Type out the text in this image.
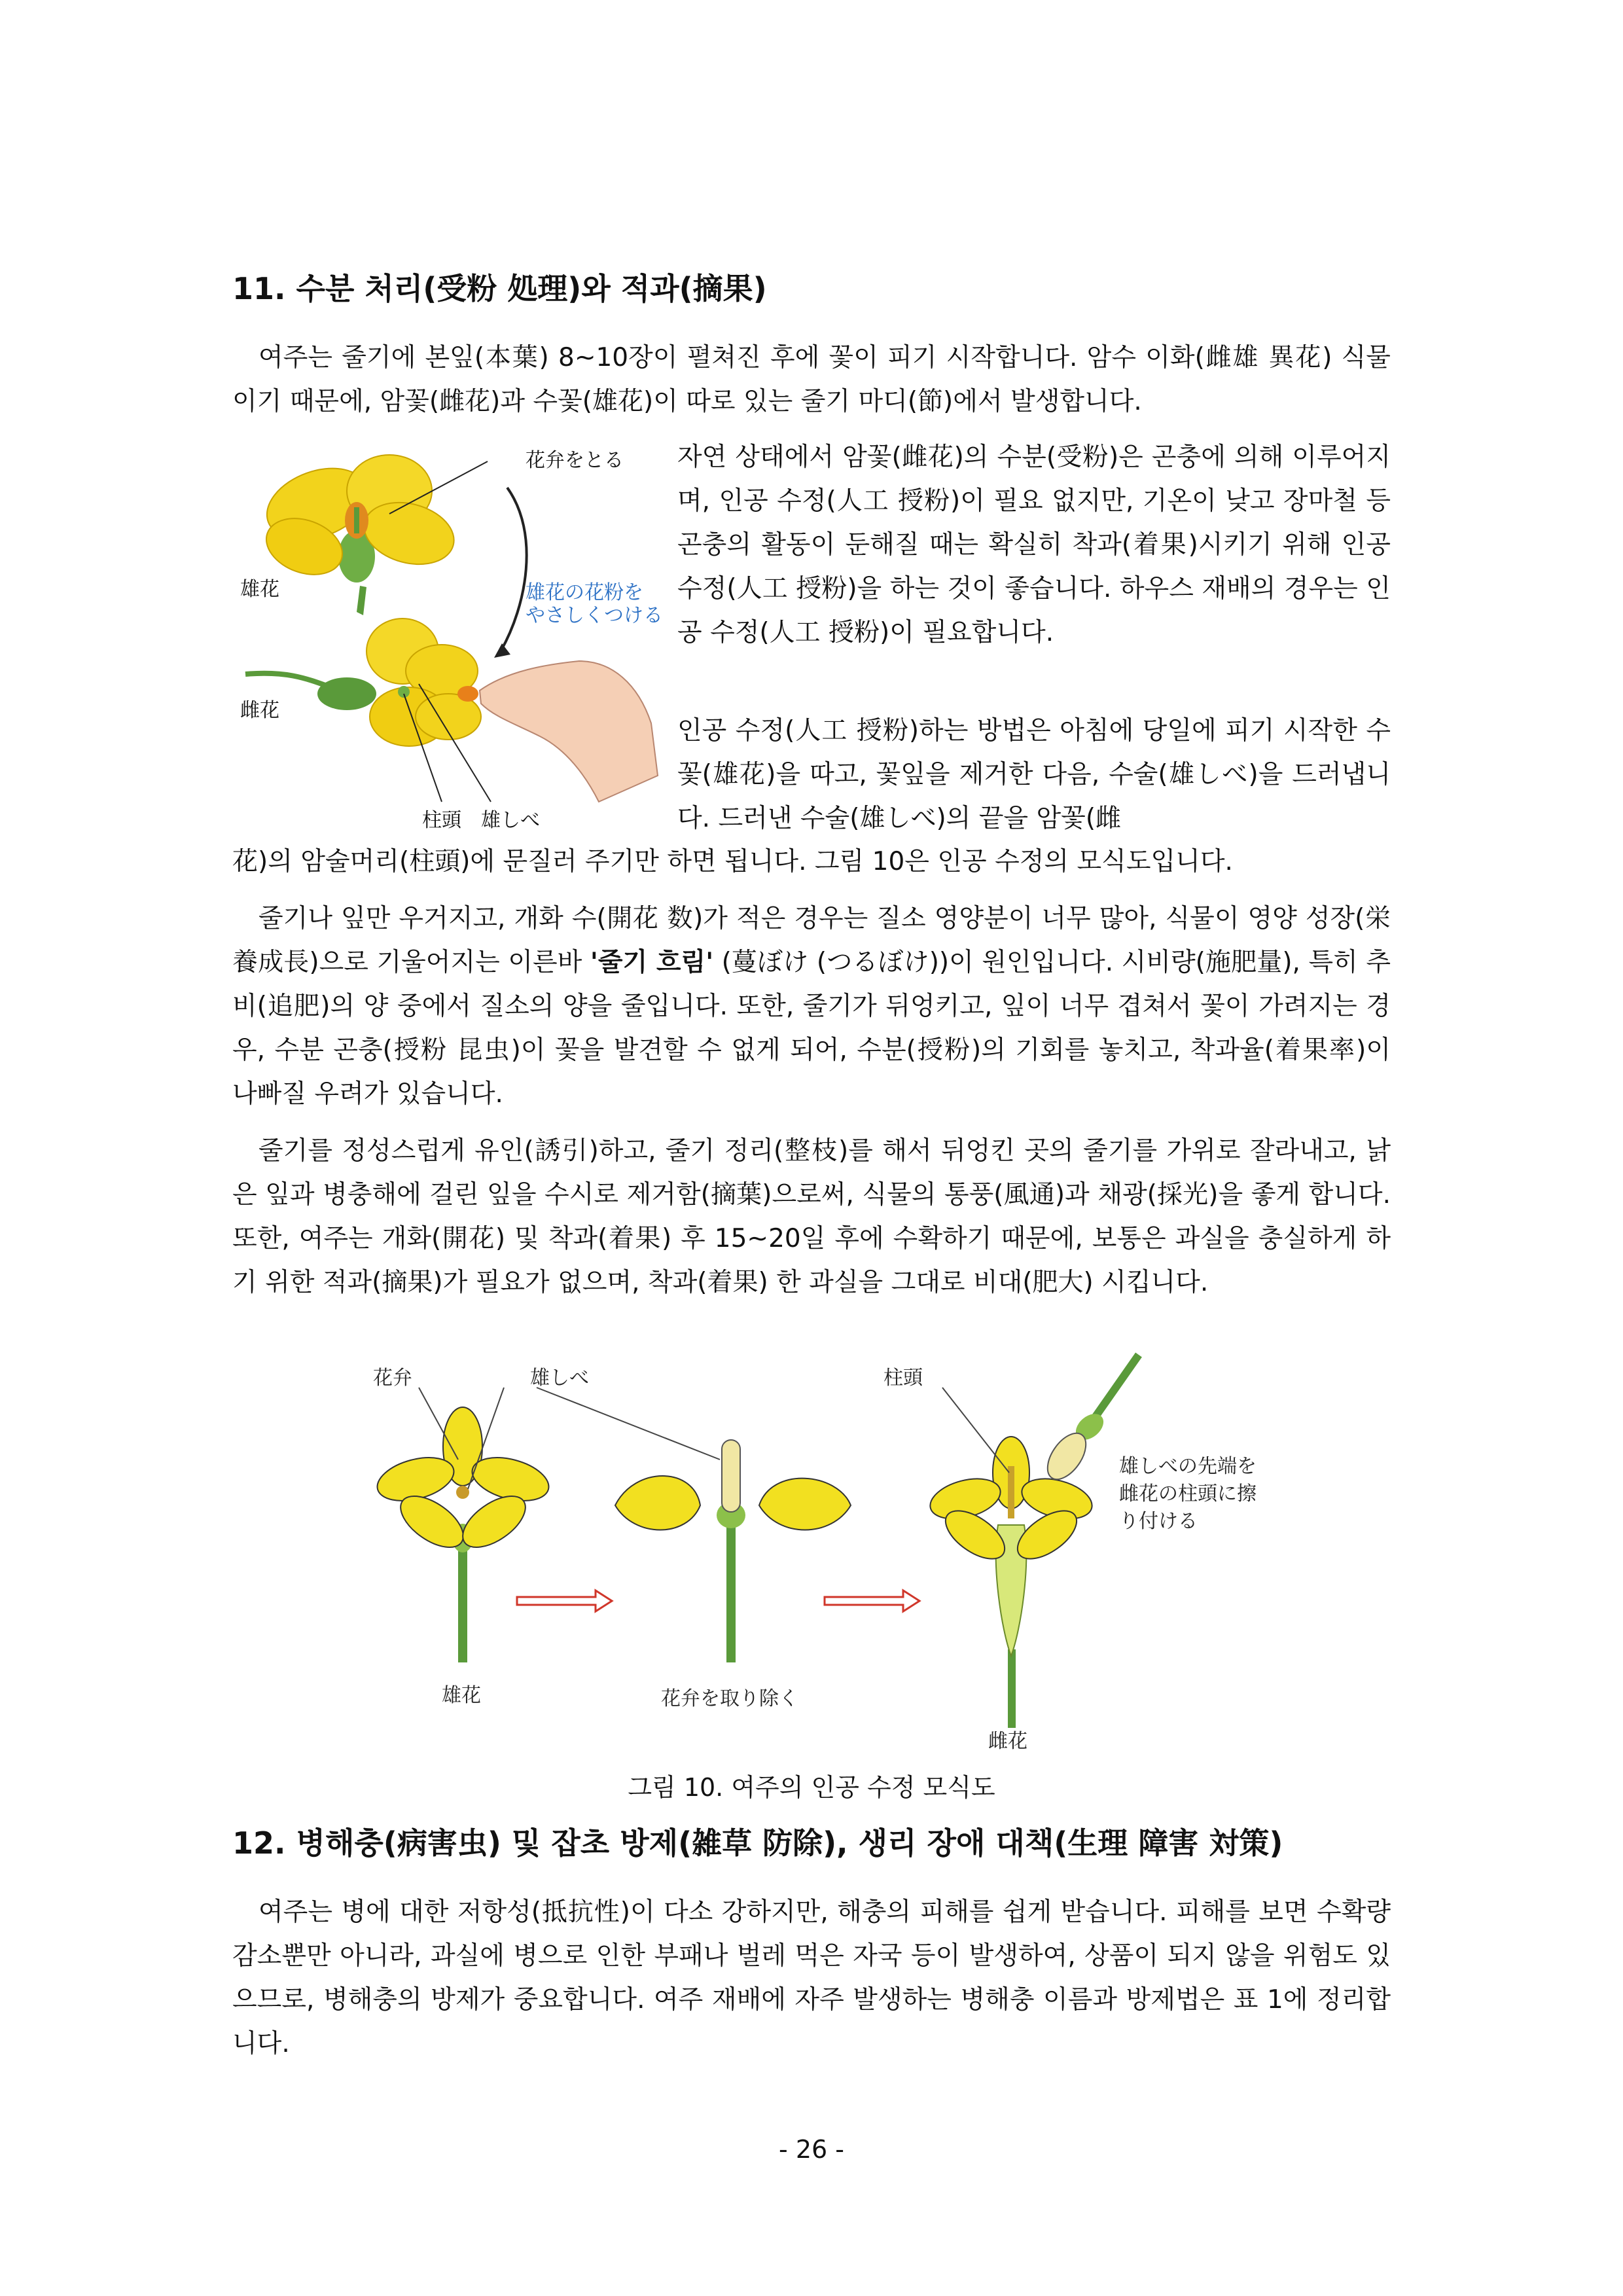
11. 수분 처리(受粉 処理)와 적과(摘果)

여주는 줄기에 본잎(本葉) 8~10장이 펼쳐진 후에 꽃이 피기 시작합니다. 암수 이화(雌雄 異花) 식물이기 때문에, 암꽃(雌花)과 수꽃(雄花)이 따로 있는 줄기 마디(節)에서 발생합니다.

花弁をとる
雄花
雌花
雄花の花粉を
やさしくつける
柱頭 雄しべ

자연 상태에서 암꽃(雌花)의 수분(受粉)은 곤충에 의해 이루어지며, 인공 수정(人工 授粉)이 필요 없지만, 기온이 낮고 장마철 등 곤충의 활동이 둔해질 때는 확실히 착과(着果)시키기 위해 인공 수정(人工 授粉)을 하는 것이 좋습니다. 하우스 재배의 경우는 인공 수정(人工 授粉)이 필요합니다.

인공 수정(人工 授粉)하는 방법은 아침에 당일에 피기 시작한 수꽃(雄花)을 따고, 꽃잎을 제거한 다음, 수술(雄しべ)을 드러냅니다. 드러낸 수술(雄しべ)의 끝을 암꽃(雌

花)의 암술머리(柱頭)에 문질러 주기만 하면 됩니다. 그림 10은 인공 수정의 모식도입니다.

줄기나 잎만 우거지고, 개화 수(開花 数)가 적은 경우는 질소 영양분이 너무 많아, 식물이 영양 성장(栄養成長)으로 기울어지는 이른바 '줄기 흐림' (蔓ぼけ (つるぼけ))이 원인입니다. 시비량(施肥量), 특히 추비(追肥)의 양 중에서 질소의 양을 줄입니다. 또한, 줄기가 뒤엉키고, 잎이 너무 겹쳐서 꽃이 가려지는 경우, 수분 곤충(授粉 昆虫)이 꽃을 발견할 수 없게 되어, 수분(授粉)의 기회를 놓치고, 착과율(着果率)이 나빠질 우려가 있습니다.

줄기를 정성스럽게 유인(誘引)하고, 줄기 정리(整枝)를 해서 뒤엉킨 곳의 줄기를 가위로 잘라내고, 낡은 잎과 병충해에 걸린 잎을 수시로 제거함(摘葉)으로써, 식물의 통풍(風通)과 채광(採光)을 좋게 합니다. 또한, 여주는 개화(開花) 및 착과(着果) 후 15~20일 후에 수확하기 때문에, 보통은 과실을 충실하게 하기 위한 적과(摘果)가 필요가 없으며, 착과(着果) 한 과실을 그대로 비대(肥大) 시킵니다.

花弁	雄しべ
雄花	花弁を取り除く
柱頭
雄しべの先端を
雌花の柱頭に擦
り付ける
雌花
그림 10. 여주의 인공 수정 모식도
12. 병해충(病害虫) 및 잡초 방제(雑草 防除), 생리 장애 대책(生理 障害 対策)

여주는 병에 대한 저항성(抵抗性)이 다소 강하지만, 해충의 피해를 쉽게 받습니다. 피해를 보면 수확량 감소뿐만 아니라, 과실에 병으로 인한 부패나 벌레 먹은 자국 등이 발생하여, 상품이 되지 않을 위험도 있으므로, 병해충의 방제가 중요합니다. 여주 재배에 자주 발생하는 병해충 이름과 방제법은 표 1에 정리합니다.

- 26 -
